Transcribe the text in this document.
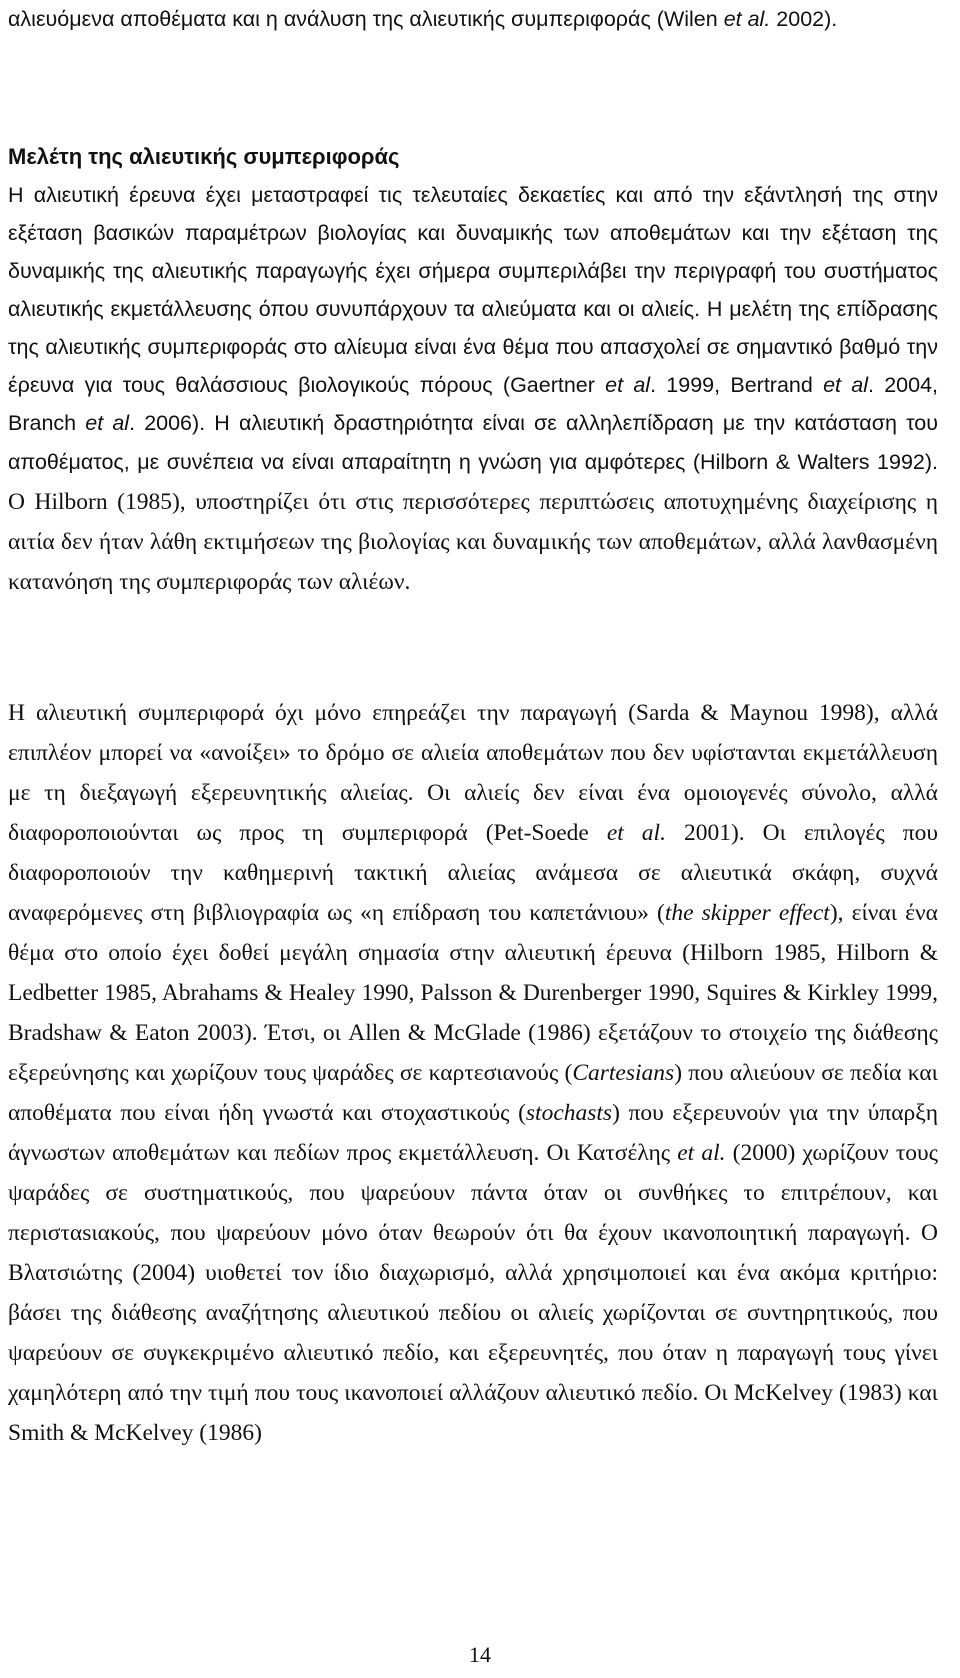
αλιευόμενα αποθέματα και η ανάλυση της αλιευτικής συμπεριφοράς (Wilen et al. 2002).

Μελέτη της αλιευτικής συμπεριφοράς

Η αλιευτική έρευνα έχει μεταστραφεί τις τελευταίες δεκαετίες και από την εξάντλησή της στην εξέταση βασικών παραμέτρων βιολογίας και δυναμικής των αποθεμάτων και την εξέταση της δυναμικής της αλιευτικής παραγωγής έχει σήμερα συμπεριλάβει την περιγραφή του συστήματος αλιευτικής εκμετάλλευσης όπου συνυπάρχουν τα αλιεύματα και οι αλιείς. Η μελέτη της επίδρασης της αλιευτικής συμπεριφοράς στο αλίευμα είναι ένα θέμα που απασχολεί σε σημαντικό βαθμό την έρευνα για τους θαλάσσιους βιολογικούς πόρους (Gaertner et al. 1999, Bertrand et al. 2004, Branch et al. 2006). Η αλιευτική δραστηριότητα είναι σε αλληλεπίδραση με την κατάσταση του αποθέματος, με συνέπεια να είναι απαραίτητη η γνώση για αμφότερες (Hilborn & Walters 1992). Ο Hilborn (1985), υποστηρίζει ότι στις περισσότερες περιπτώσεις αποτυχημένης διαχείρισης η αιτία δεν ήταν λάθη εκτιμήσεων της βιολογίας και δυναμικής των αποθεμάτων, αλλά λανθασμένη κατανόηση της συμπεριφοράς των αλιέων.

Η αλιευτική συμπεριφορά όχι μόνο επηρεάζει την παραγωγή (Sarda & Maynou 1998), αλλά επιπλέον μπορεί να «ανοίξει» το δρόμο σε αλιεία αποθεμάτων που δεν υφίστανται εκμετάλλευση με τη διεξαγωγή εξερευνητικής αλιείας. Οι αλιείς δεν είναι ένα ομοιογενές σύνολο, αλλά διαφοροποιούνται ως προς τη συμπεριφορά (Pet-Soede et al. 2001). Οι επιλογές που διαφοροποιούν την καθημερινή τακτική αλιείας ανάμεσα σε αλιευτικά σκάφη, συχνά αναφερόμενες στη βιβλιογραφία ως «η επίδραση του καπετάνιου» (the skipper effect), είναι ένα θέμα στο οποίο έχει δοθεί μεγάλη σημασία στην αλιευτική έρευνα (Hilborn 1985, Hilborn & Ledbetter 1985, Abrahams & Healey 1990, Palsson & Durenberger 1990, Squires & Kirkley 1999, Bradshaw & Eaton 2003). Έτσι, οι Allen & McGlade (1986) εξετάζουν το στοιχείο της διάθεσης εξερεύνησης και χωρίζουν τους ψαράδες σε καρτεσιανούς (Cartesians) που αλιεύουν σε πεδία και αποθέματα που είναι ήδη γνωστά και στοχαστικούς (stochasts) που εξερευνούν για την ύπαρξη άγνωστων αποθεμάτων και πεδίων προς εκμετάλλευση. Οι Κατσέλης et al. (2000) χωρίζουν τους ψαράδες σε συστηματικούς, που ψαρεύουν πάντα όταν οι συνθήκες το επιτρέπουν, και περισταsιακούς, που ψαρεύουν μόνο όταν θεωρούν ότι θα έχουν ικανοποιητική παραγωγή. Ο Βλατσιώτης (2004) υιοθετεί τον ίδιο διαχωρισμό, αλλά χρησιμοποιεί και ένα ακόμα κριτήριο: βάσει της διάθεσης αναζήτησης αλιευτικού πεδίου οι αλιείς χωρίζονται σε συντηρητικούς, που ψαρεύουν σε συγκεκριμένο αλιευτικό πεδίο, και εξερευνητές, που όταν η παραγωγή τους γίνει χαμηλότερη από την τιμή που τους ικανοποιεί αλλάζουν αλιευτικό πεδίο. Οι McKelvey (1983) και Smith & McKelvey (1986)

14
